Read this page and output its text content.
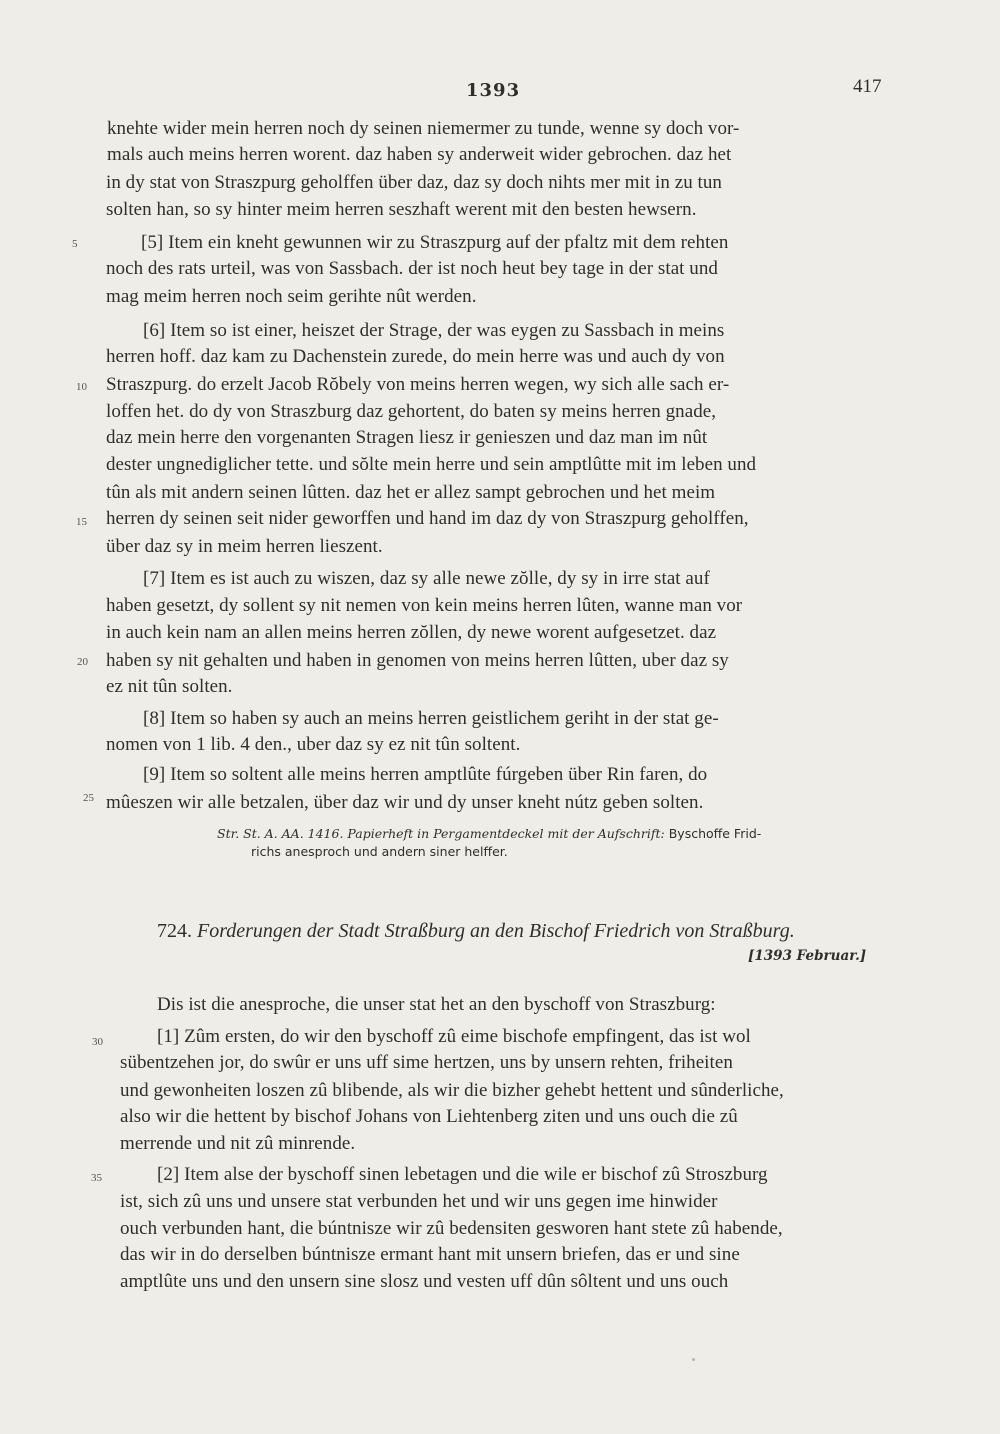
1393	417
knehte wider mein herren noch dy seinen niemermer zu tunde, wenne sy doch vor-
mals auch meins herren worent. daz haben sy anderweit wider gebrochen. daz het
in dy stat von Straszpurg geholffen über daz, daz sy doch nihts mer mit in zu tun
solten han, so sy hinter meim herren seszhaft werent mit den besten hewsern.
[5] Item ein kneht gewunnen wir zu Straszpurg auf der pfaltz mit dem rehten
noch des rats urteil, was von Sassbach. der ist noch heut bey tage in der stat und
mag meim herren noch seim gerihte nût werden.
[6] Item so ist einer, heiszet der Strage, der was eygen zu Sassbach in meins
herren hoff. daz kam zu Dachenstein zurede, do mein herre was und auch dy von
Straszpurg. do erzelt Jacob Rŏbely von meins herren wegen, wy sich alle sach er-
loffen het. do dy von Straszburg daz gehortent, do baten sy meins herren gnade,
daz mein herre den vorgenanten Stragen liesz ir genieszen und daz man im nût
dester ungnediglicher tette. und sŏlte mein herre und sein amptlûtte mit im leben und
tûn als mit andern seinen lûtten. daz het er allez sampt gebrochen und het meim
herren dy seinen seit nider geworffen und hand im daz dy von Straszpurg geholffen,
über daz sy in meim herren lieszent.
[7] Item es ist auch zu wiszen, daz sy alle newe zŏlle, dy sy in irre stat auf
haben gesetzt, dy sollent sy nit nemen von kein meins herren lûten, wanne man vor
in auch kein nam an allen meins herren zŏllen, dy newe worent aufgesetzet. daz
haben sy nit gehalten und haben in genomen von meins herren lûtten, uber daz sy
ez nit tûn solten.
[8] Item so haben sy auch an meins herren geistlichem geriht in der stat ge-
nomen von 1 lib. 4 den., uber daz sy ez nit tûn soltent.
[9] Item so soltent alle meins herren amptlûte fúrgeben über Rin faren, do
mûeszen wir alle betzalen, über daz wir und dy unser kneht nútz geben solten.
5
10
15
20
25
Str. St. A. AA. 1416. Papierheft in Pergamentdeckel mit der Aufschrift: Byschoffe Frid-
richs anesproch und andern siner helffer.
724. Forderungen der Stadt Straßburg an den Bischof Friedrich von Straßburg.
[1393 Februar.]
Dis ist die anesproche, die unser stat het an den byschoff von Straszburg:
[1] Zûm ersten, do wir den byschoff zû eime bischofe empfingent, das ist wol
sübentzehen jor, do swûr er uns uff sime hertzen, uns by unsern rehten, friheiten
und gewonheiten loszen zû blibende, als wir die bizher gehebt hettent und sûnderliche,
also wir die hettent by bischof Johans von Liehtenberg ziten und uns ouch die zû
merrende und nit zû minrende.
[2] Item alse der byschoff sinen lebetagen und die wile er bischof zû Stroszburg
ist, sich zû uns und unsere stat verbunden het und wir uns gegen ime hinwider
ouch verbunden hant, die búntnisze wir zû bedensiten gesworen hant stete zû habende,
das wir in do derselben búntnisze ermant hant mit unsern briefen, das er und sine
amptlûte uns und den unsern sine slosz und vesten uff dûn sôltent und uns ouch
30
35
